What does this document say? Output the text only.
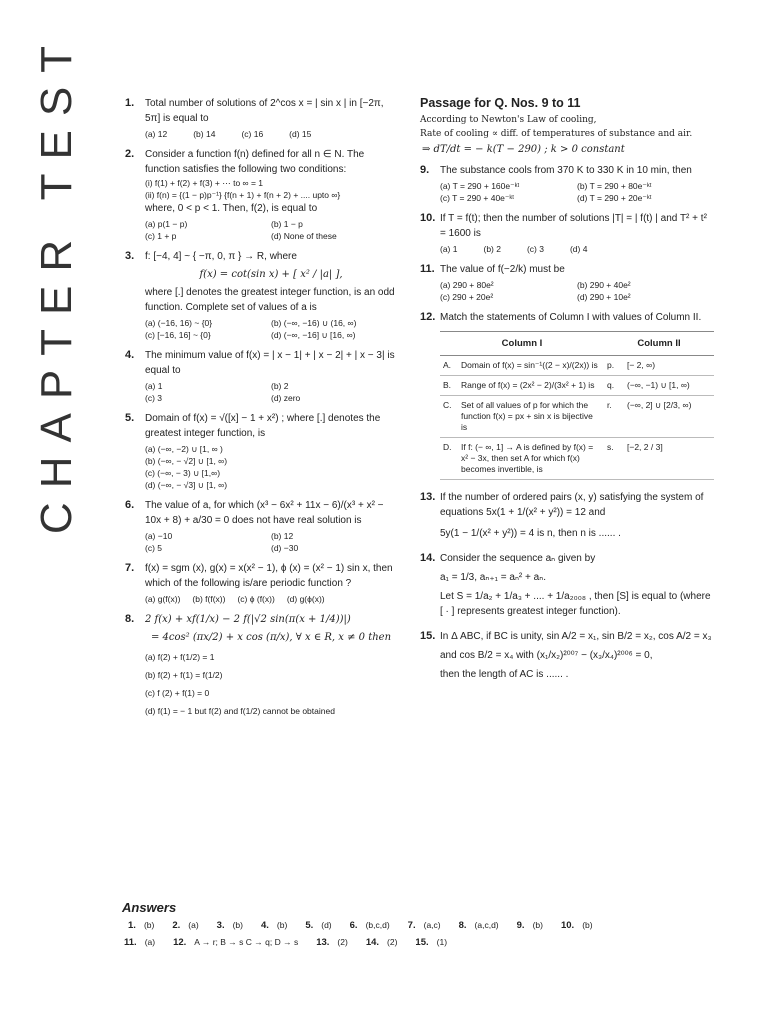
CHAPTER TEST	1. Total number of solutions of 2^cos x = | sin x | in [−2π, 5π] is equal to
(a) 12	(b) 14	(c) 16	(d) 15
2. Consider a function f(n) defined for all n ∈ N. The function satisfies the following two conditions:
(i) f(1) + f(2) + f(3) + ⋯ to ∞ = 1
(ii) f(n) = {(1 − p)p⁻¹} {f(n + 1) + f(n + 2) + .... upto ∞}
where, 0 < p < 1. Then, f(2), is equal to
(a) p(1 − p)	(b) 1 − p
(c) 1 + p	(d) None of these
3. f: [−4, 4] ~ { −π, 0, π } → R, where
f(x) = cot(sin x) + [ x² / |a| ],
where [.] denotes the greatest integer function, is an odd function. Complete set of values of a is
(a) (−16, 16) ~ {0}	(b) (−∞, −16) ∪ (16, ∞)
(c) [−16, 16] ~ {0}	(d) (−∞, −16] ∪ [16, ∞)
4. The minimum value of f(x) = | x − 1| + | x − 2| + | x − 3| is equal to
(a) 1	(b) 2
(c) 3	(d) zero
5. Domain of f(x) = √([x] − 1 + x²) ; where [.] denotes the greatest integer function, is
(a) (−∞, −2) ∪ [1, ∞ )
(b) (−∞, − √2] ∪ [1, ∞)
(c) (−∞, − 3) ∪ [1,∞)
(d) (−∞, − √3] ∪ [1, ∞)
6. The value of a, for which (x³ − 6x² + 11x − 6)/(x³ + x² − 10x + 8) + a/30 = 0 does not have real solution is
(a) −10	(b) 12
(c) 5	(d) −30
7. f(x) = sgm (x), g(x) = x(x² − 1), ϕ (x) = (x² − 1) sin x, then which of the following is/are periodic function ?
(a) g(f(x)) (b) f(f(x)) (c) ϕ (f(x)) (d) g(ϕ(x))
8. 2 f(x) + xf(1/x) − 2 f(|√2 sin(π(x + 1/4))|)
= 4cos² (πx/2) + x cos (π/x), ∀ x ∈ R, x ≠ 0 then
(a) f(2) + f(1/2) = 1
(b) f(2) + f(1) = f(1/2)
(c) f (2) + f(1) = 0
(d) f(1) = − 1 but f(2) and f(1/2) cannot be obtained
Passage for Q. Nos. 9 to 11
According to Newton's Law of cooling,
Rate of cooling ∝ diff. of temperatures of substance and air.
⇒ dT/dt = − k(T − 290) ; k > 0 constant
9. The substance cools from 370 K to 330 K in 10 min, then
(a) T = 290 + 160e⁻ᵏᵗ	(b) T = 290 + 80e⁻ᵏᵗ
(c) T = 290 + 40e⁻ᵏᵗ	(d) T = 290 + 20e⁻ᵏᵗ
10. If T = f(t); then the number of solutions |T| = | f(t) | and T² + t² = 1600 is
(a) 1	(b) 2	(c) 3	(d) 4
11. The value of f(−2/k) must be
(a) 290 + 80e²	(b) 290 + 40e²
(c) 290 + 20e²	(d) 290 + 10e²
12. Match the statements of Column I with values of Column II.
Column I		Column II	
A.	Domain of f(x) = sin⁻¹((2 − x)/(2x)) is	p.	[− 2, ∞)
B.	Range of f(x) = (2x² − 2)/(3x² + 1) is	q.	(−∞, −1) ∪ [1, ∞)
C.	Set of all values of p for which the function f(x) = px + sin x is bijective is	r.	(−∞, 2] ∪ [2/3, ∞)
D.	If f: (− ∞, 1] → A is defined by f(x) = x² − 3x, then set A for which f(x) becomes invertible, is	s.	[−2, 2 / 3]
13. If the number of ordered pairs (x, y) satisfying the system of equations 5x(1 + 1/(x² + y²)) = 12 and
5y(1 − 1/(x² + y²)) = 4 is n, then n is ...... .
14. Consider the sequence aₙ given by
a₁ = 1/3, aₙ₊₁ = aₙ² + aₙ.
Let S = 1/a₂ + 1/a₃ + .... + 1/a₂₀₀₈ , then [S] is equal to (where [ · ] represents greatest integer function).
15. In Δ ABC, if BC is unity, sin A/2 = x₁, sin B/2 = x₂, cos A/2 = x₃
and cos B/2 = x₄ with (x₁/x₂)²⁰⁰⁷ − (x₃/x₄)²⁰⁰⁶ = 0,
then the length of AC is ...... .
Answers
1. (b) 2. (a) 3. (b) 4. (b) 5. (d) 6. (b,c,d) 7. (a,c) 8. (a,c,d) 9. (b) 10. (b)
11. (a) 12. A → r; B → s C → q; D → s 13. (2) 14. (2) 15. (1)
